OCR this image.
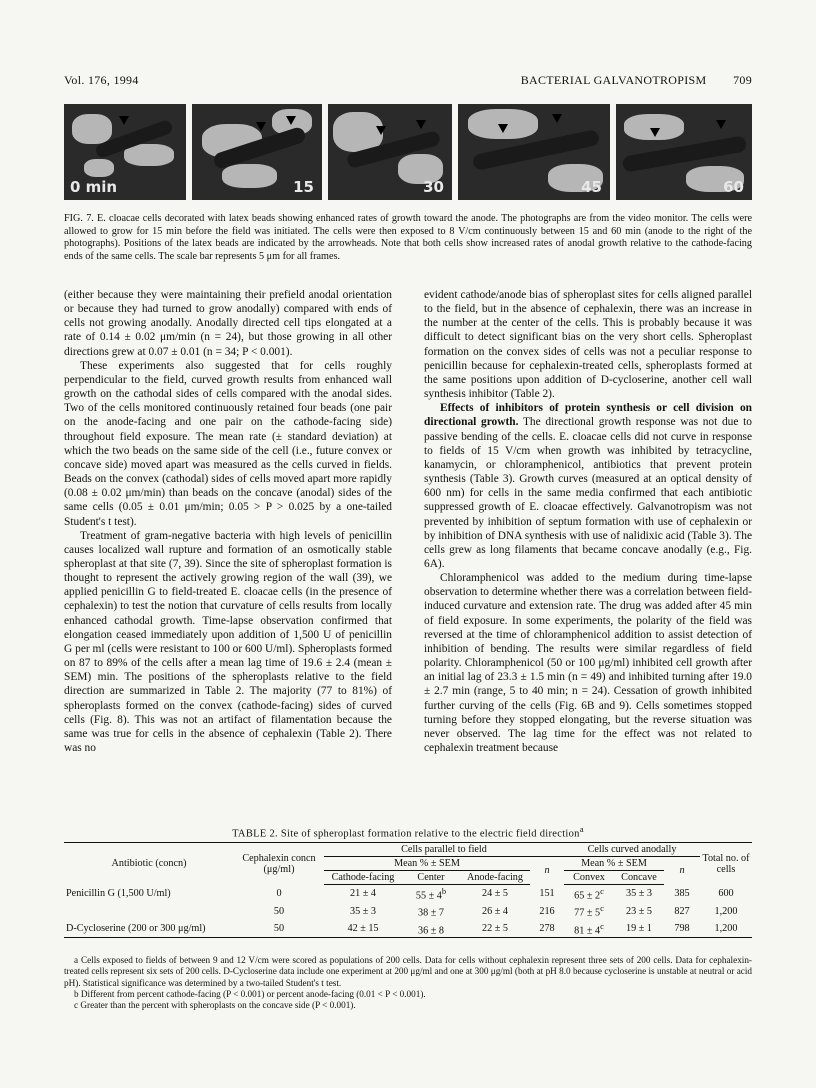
Vol. 176, 1994	BACTERIAL GALVANOTROPISM 709
0 min	15	30	45	60
FIG. 7. E. cloacae cells decorated with latex beads showing enhanced rates of growth toward the anode. The photographs are from the video monitor. The cells were allowed to grow for 15 min before the field was initiated. The cells were then exposed to 8 V/cm continuously between 15 and 60 min (anode to the right of the photographs). Positions of the latex beads are indicated by the arrowheads. Note that both cells show increased rates of anodal growth relative to the cathode-facing ends of the same cells. The scale bar represents 5 μm for all frames.

(either because they were maintaining their prefield anodal orientation or because they had turned to grow anodally) compared with ends of cells not growing anodally. Anodally directed cell tips elongated at a rate of 0.14 ± 0.02 μm/min (n = 24), but those growing in all other directions grew at 0.07 ± 0.01 (n = 34; P < 0.001).

These experiments also suggested that for cells roughly perpendicular to the field, curved growth results from enhanced wall growth on the cathodal sides of cells compared with the anodal sides. Two of the cells monitored continuously retained four beads (one pair on the anode-facing and one pair on the cathode-facing side) throughout field exposure. The mean rate (± standard deviation) at which the two beads on the same side of the cell (i.e., future convex or concave side) moved apart was measured as the cells curved in fields. Beads on the convex (cathodal) sides of cells moved apart more rapidly (0.08 ± 0.02 μm/min) than beads on the concave (anodal) sides of the same cells (0.05 ± 0.01 μm/min; 0.05 > P > 0.025 by a one-tailed Student's t test).

Treatment of gram-negative bacteria with high levels of penicillin causes localized wall rupture and formation of an osmotically stable spheroplast at that site (7, 39). Since the site of spheroplast formation is thought to represent the actively growing region of the wall (39), we applied penicillin G to field-treated E. cloacae cells (in the presence of cephalexin) to test the notion that curvature of cells results from locally enhanced cathodal growth. Time-lapse observation confirmed that elongation ceased immediately upon addition of 1,500 U of penicillin G per ml (cells were resistant to 100 or 600 U/ml). Spheroplasts formed on 87 to 89% of the cells after a mean lag time of 19.6 ± 2.4 (mean ± SEM) min. The positions of the spheroplasts relative to the field direction are summarized in Table 2. The majority (77 to 81%) of spheroplasts formed on the convex (cathode-facing) sides of curved cells (Fig. 8). This was not an artifact of filamentation because the same was true for cells in the absence of cephalexin (Table 2). There was no

evident cathode/anode bias of spheroplast sites for cells aligned parallel to the field, but in the absence of cephalexin, there was an increase in the number at the center of the cells. This is probably because it was difficult to detect significant bias on the very short cells. Spheroplast formation on the convex sides of cells was not a peculiar response to penicillin because for cephalexin-treated cells, spheroplasts formed at the same positions upon addition of D-cycloserine, another cell wall synthesis inhibitor (Table 2).

Effects of inhibitors of protein synthesis or cell division on directional growth. The directional growth response was not due to passive bending of the cells. E. cloacae cells did not curve in response to fields of 15 V/cm when growth was inhibited by tetracycline, kanamycin, or chloramphenicol, antibiotics that prevent protein synthesis (Table 3). Growth curves (measured at an optical density of 600 nm) for cells in the same media confirmed that each antibiotic suppressed growth of E. cloacae effectively. Galvanotropism was not prevented by inhibition of septum formation with use of cephalexin or by inhibition of DNA synthesis with use of nalidixic acid (Table 3). The cells grew as long filaments that became concave anodally (e.g., Fig. 6A).

Chloramphenicol was added to the medium during time-lapse observation to determine whether there was a correlation between field-induced curvature and extension rate. The drug was added after 45 min of field exposure. In some experiments, the polarity of the field was reversed at the time of chloramphenicol addition to assist detection of inhibition of bending. The results were similar regardless of field polarity. Chloramphenicol (50 or 100 μg/ml) inhibited cell growth after an initial lag of 23.3 ± 1.5 min (n = 49) and inhibited turning after 19.0 ± 2.7 min (range, 5 to 40 min; n = 24). Cessation of growth inhibited further curving of the cells (Fig. 6B and 9). Cells sometimes stopped turning before they stopped elongating, but the reverse situation was never observed. The lag time for the effect was not related to cephalexin treatment because

TABLE 2. Site of spheroplast formation relative to the electric field direction$^a$
Antibiotic (concn)	Cephalexin concn (μg/ml)	Cells parallel to field				Cells curved anodally			Total no. of cells
		Mean % ± SEM			n	Mean % ± SEM		n	
		Cathode-facing	Center	Anode-facing		Convex	Concave		
Penicillin G (1,500 U/ml)	0	21 ± 4	$55 \pm 4^b$	24 ± 5	151	$65 \pm 2^c$	35 ± 3	385	600
	50	35 ± 3	38 ± 7	26 ± 4	216	$77 \pm 5^c$	23 ± 5	827	1,200
D-Cycloserine (200 or 300 μg/ml)	50	42 ± 15	36 ± 8	22 ± 5	278	$81 \pm 4^c$	19 ± 1	798	1,200
a Cells exposed to fields of between 9 and 12 V/cm were scored as populations of 200 cells. Data for cells without cephalexin represent three sets of 200 cells. Data for cephalexin-treated cells represent six sets of 200 cells. D-Cycloserine data include one experiment at 200 μg/ml and one at 300 μg/ml (both at pH 8.0 because cycloserine is unstable at neutral or acid pH). Statistical significance was determined by a two-tailed Student's t test.
b Different from percent cathode-facing (P < 0.001) or percent anode-facing (0.01 < P < 0.001).
c Greater than the percent with spheroplasts on the concave side (P < 0.001).
